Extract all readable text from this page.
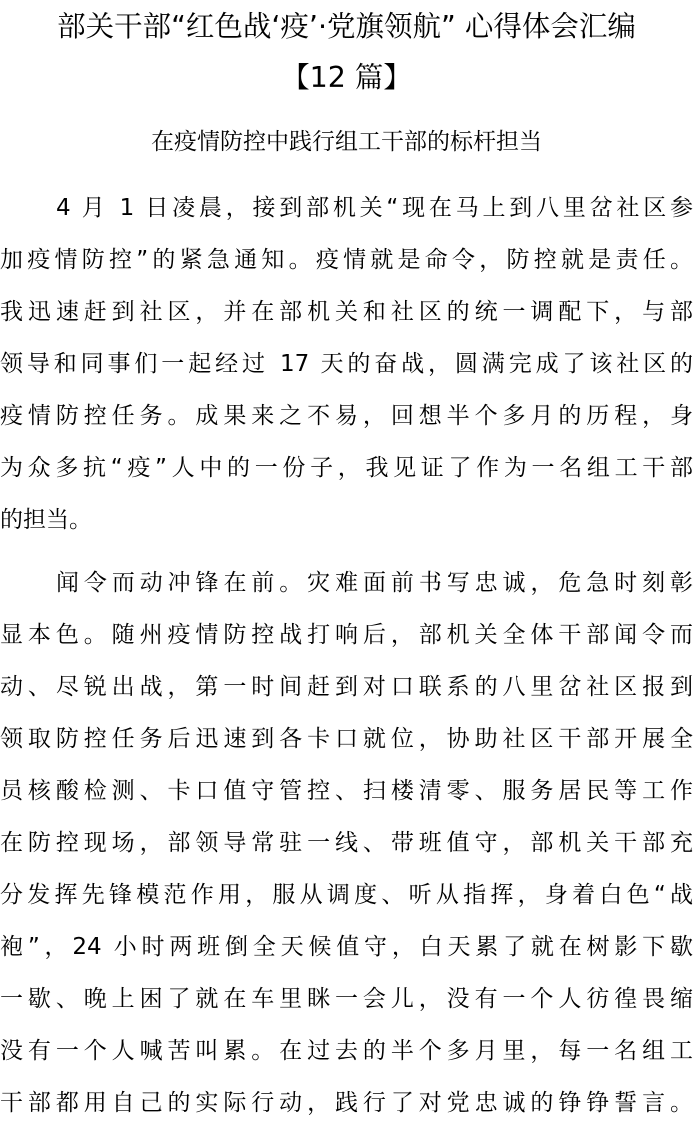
部关干部“红色战‘疫’·党旗领航” 心得体会汇编
【12 篇】
在疫情防控中践行组工干部的标杆担当
4 月 1 日凌晨，接到部机关“现在马上到八里岔社区参
加疫情防控”的紧急通知。疫情就是命令，防控就是责任。
我迅速赶到社区，并在部机关和社区的统一调配下，与部
领导和同事们一起经过 17 天的奋战，圆满完成了该社区的
疫情防控任务。成果来之不易，回想半个多月的历程，身
为众多抗“疫”人中的一份子，我见证了作为一名组工干部
的担当。
闻令而动冲锋在前。灾难面前书写忠诚，危急时刻彰
显本色。随州疫情防控战打响后，部机关全体干部闻令而
动、尽锐出战，第一时间赶到对口联系的八里岔社区报到
领取防控任务后迅速到各卡口就位，协助社区干部开展全
员核酸检测、卡口值守管控、扫楼清零、服务居民等工作
在防控现场，部领导常驻一线、带班值守，部机关干部充
分发挥先锋模范作用，服从调度、听从指挥，身着白色“战
袍”，24 小时两班倒全天候值守，白天累了就在树影下歇
一歇、晚上困了就在车里眯一会儿，没有一个人彷徨畏缩
没有一个人喊苦叫累。在过去的半个多月里，每一名组工
干部都用自己的实际行动，践行了对党忠诚的铮铮誓言。
